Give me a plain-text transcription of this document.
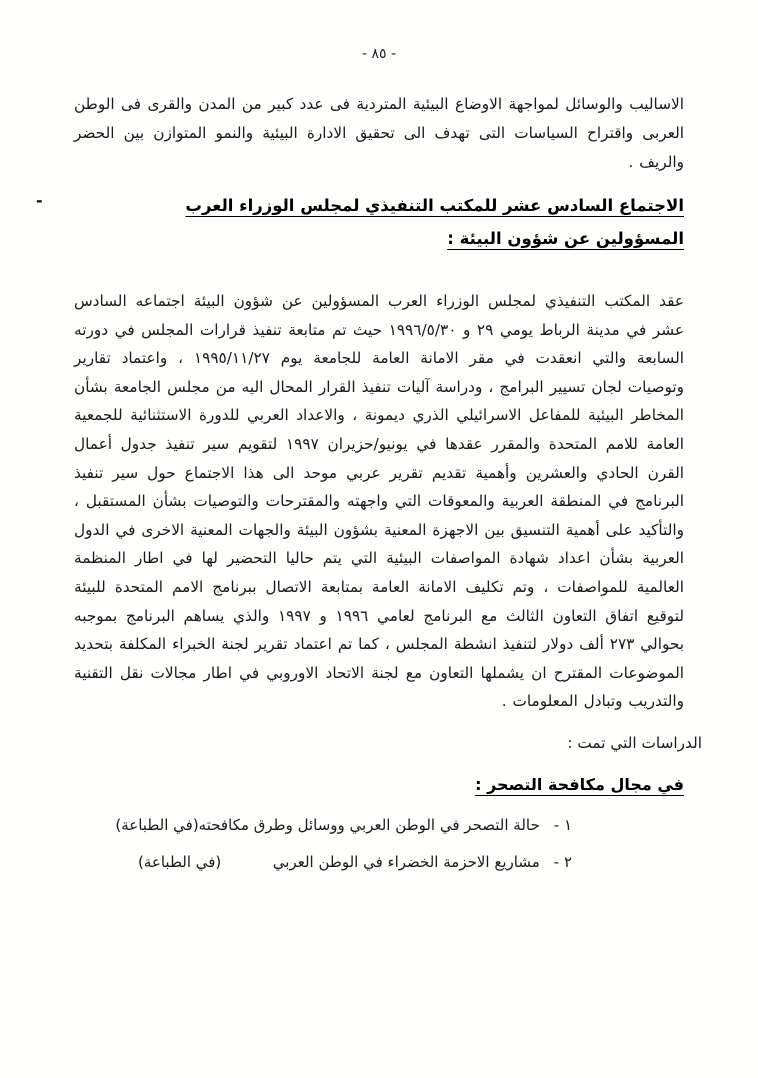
- ٨٥ -

الاساليب والوسائل لمواجهة الاوضاع البيئية المتردية فى عدد كبير من المدن والقرى فى الوطن العربى واقتراح السياسات التى تهدف الى تحقيق الادارة البيئية والنمو المتوازن بين الحضر والريف .

-	الاجتماع السادس عشر للمكتب التنفيذي لمجلس الوزراء العرب
المسؤولين عن شؤون البيئة :

عقد المكتب التنفيذي لمجلس الوزراء العرب المسؤولين عن شؤون البيئة اجتماعه السادس عشر في مدينة الرباط يومي ٢٩ و ١٩٩٦/٥/٣٠ حيث تم متابعة تنفيذ قرارات المجلس في دورته السابعة والتي انعقدت في مقر الامانة العامة للجامعة يوم ١٩٩٥/١١/٢٧ ، واعتماد تقارير وتوصيات لجان تسيير البرامج ، ودراسة آليات تنفيذ القرار المحال اليه من مجلس الجامعة بشأن المخاطر البيئية للمفاعل الاسرائيلي الذري ديمونة ، والاعداد العربي للدورة الاستثنائية للجمعية العامة للامم المتحدة والمقرر عقدها في يونيو/حزيران ١٩٩٧ لتقويم سير تنفيذ جدول أعمال القرن الحادي والعشرين وأهمية تقديم تقرير عربي موحد الى هذا الاجتماع حول سير تنفيذ البرنامج في المنطقة العربية والمعوقات التي واجهته والمقترحات والتوصيات بشأن المستقبل ، والتأكيد على أهمية التنسيق بين الاجهزة المعنية بشؤون البيئة والجهات المعنية الاخرى في الدول العربية بشأن اعداد شهادة المواصفات البيئية التي يتم حاليا التحضير لها في اطار المنظمة العالمية للمواصفات ، وتم تكليف الامانة العامة بمتابعة الاتصال ببرنامج الامم المتحدة للبيئة لتوقيع اتفاق التعاون الثالث مع البرنامج لعامي ١٩٩٦ و ١٩٩٧ والذي يساهم البرنامج بموجبه بحوالي ٢٧٣ ألف دولار لتنفيذ انشطة المجلس ، كما تم اعتماد تقرير لجنة الخبراء المكلفة بتحديد الموضوعات المقترح ان يشملها التعاون مع لجنة الاتحاد الاوروبي في اطار مجالات نقل التقنية والتدريب وتبادل المعلومات .

الدراسات التي تمت :

في مجال مكافحة التصحر :
١ -
حالة التصحر في الوطن العربي ووسائل وطرق مكافحته
(في الطباعة)
٢ -
مشاريع الاحزمة الخضراء في الوطن العربي
(في الطباعة)
